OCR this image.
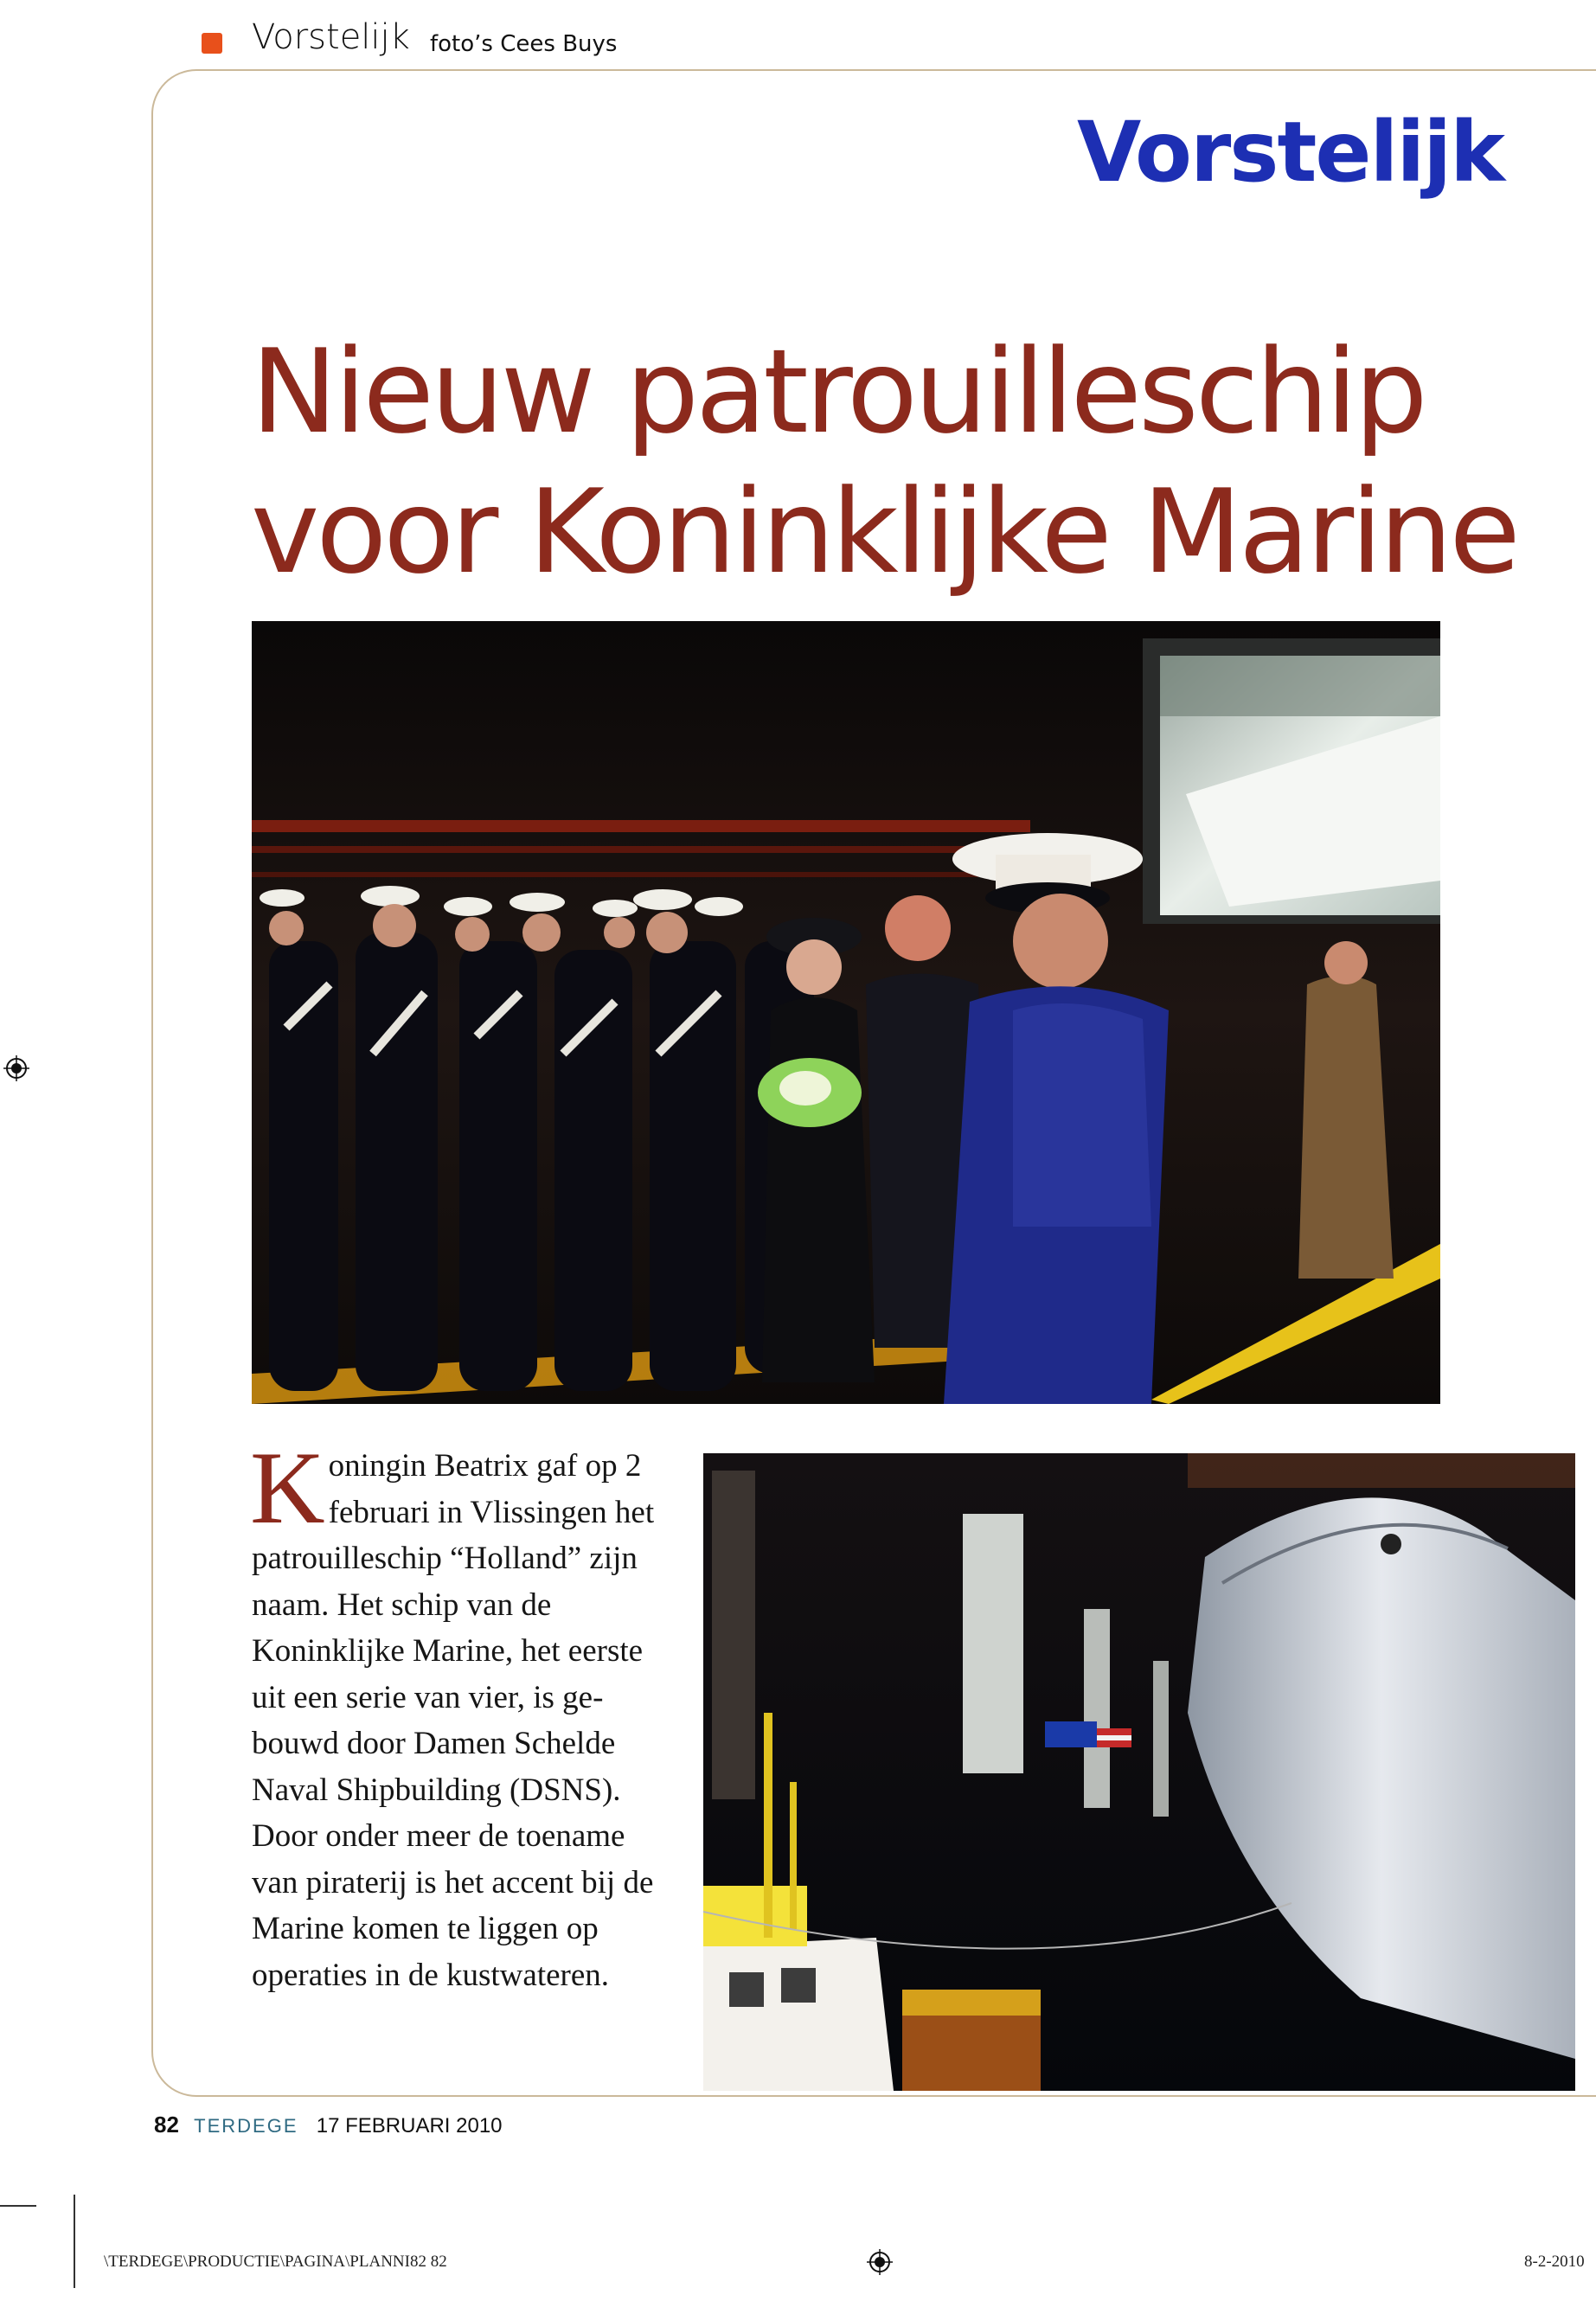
Vorstelijk foto’s Cees Buys
Vorstelijk
Nieuw patrouilleschip
voor Koninklijke Marine

Koningin Beatrix gaf op 2 februari in Vlissingen het patrouilleschip “Holland” zijn naam. Het schip van de Koninklijke Marine, het eerste uit een serie van vier, is ge-bouwd door Damen Schelde Naval Shipbuilding (DSNS). Door onder meer de toename van piraterij is het accent bij de Marine komen te liggen op operaties in de kustwateren.

82 TERDEGE 17 FEBRUARI 2010
\TERDEGE\PRODUCTIE\PAGINA\PLANNI82 82	8-2-2010
